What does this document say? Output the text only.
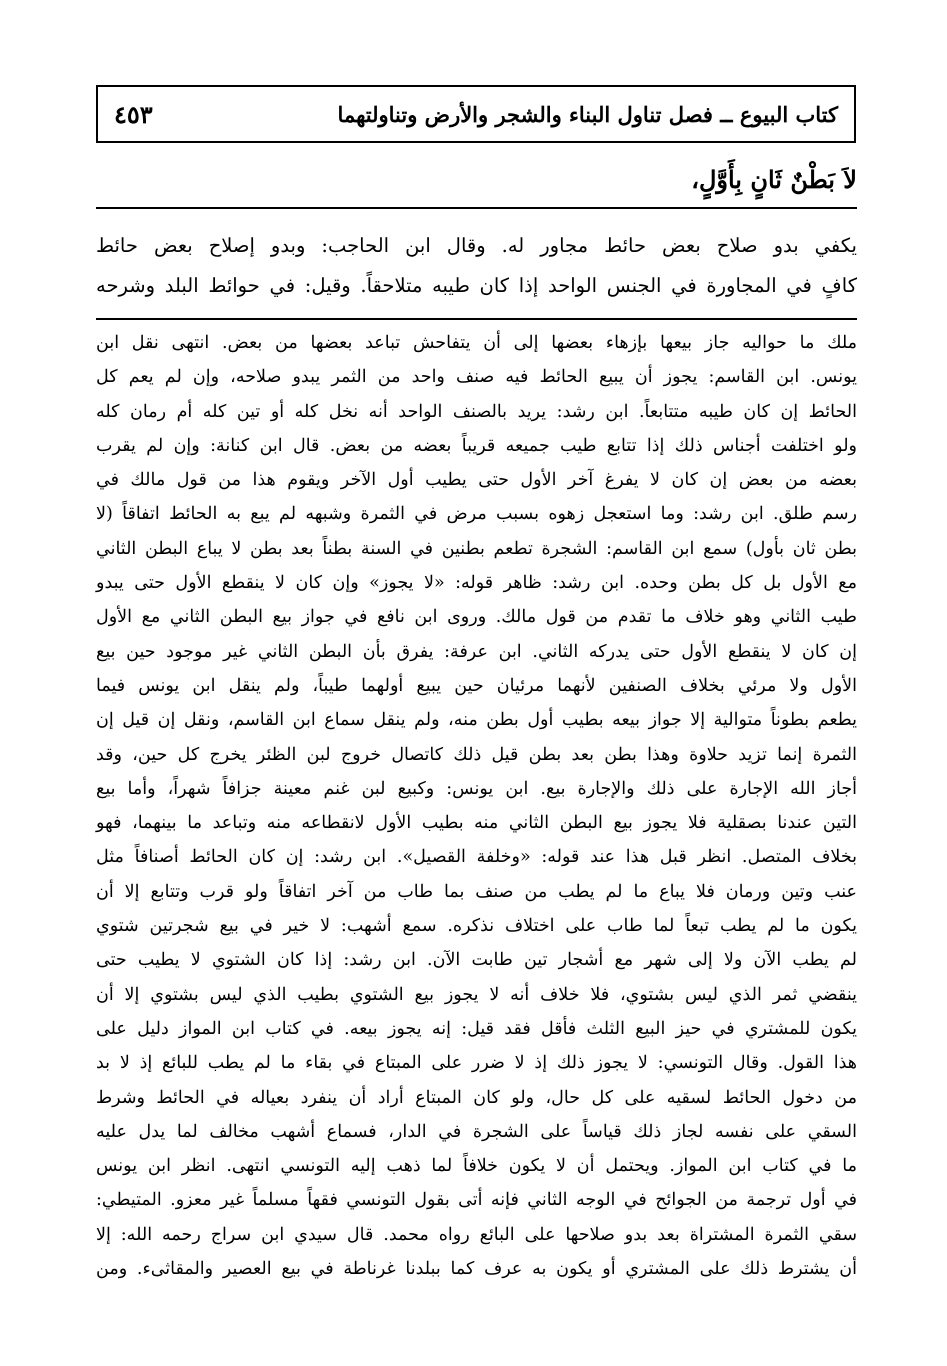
كتاب البيوع ــ فصل تناول البناء والشجر والأرض وتناولتهما
٤٥٣
لاَ بَطْنٌ ثَانٍ بِأَوَّلٍ،
يكفي بدو صلاح بعض حائط مجاور له. وقال ابن الحاجب: وبدو إصلاح بعض حائط
كافٍ في المجاورة في الجنس الواحد إذا كان طيبه متلاحقاً. وقيل: في حوائط البلد وشرحه
ملك ما حواليه جاز بيعها بإزهاء بعضها إلى أن يتفاحش تباعد بعضها من بعض. انتهى نقل ابن
يونس. ابن القاسم: يجوز أن يبيع الحائط فيه صنف واحد من الثمر يبدو صلاحه، وإن لم يعم كل
الحائط إن كان طيبه متتابعاً. ابن رشد: يريد بالصنف الواحد أنه نخل كله أو تين كله أم رمان كله
ولو اختلفت أجناس ذلك إذا تتابع طيب جميعه قريباً بعضه من بعض. قال ابن كنانة: وإن لم يقرب
بعضه من بعض إن كان لا يفرغ آخر الأول حتى يطيب أول الآخر ويقوم هذا من قول مالك في
رسم طلق. ابن رشد: وما استعجل زهوه بسبب مرض في الثمرة وشبهه لم يبع به الحائط اتفاقاً (لا
بطن ثان بأول) سمع ابن القاسم: الشجرة تطعم بطنين في السنة بطناً بعد بطن لا يباع البطن الثاني
مع الأول بل كل بطن وحده. ابن رشد: ظاهر قوله: «لا يجوز» وإن كان لا ينقطع الأول حتى يبدو
طيب الثاني وهو خلاف ما تقدم من قول مالك. وروى ابن نافع في جواز بيع البطن الثاني مع الأول
إن كان لا ينقطع الأول حتى يدركه الثاني. ابن عرفة: يفرق بأن البطن الثاني غير موجود حين بيع
الأول ولا مرئي بخلاف الصنفين لأنهما مرئيان حين يبيع أولهما طيباً، ولم ينقل ابن يونس فيما
يطعم بطوناً متوالية إلا جواز بيعه بطيب أول بطن منه، ولم ينقل سماع ابن القاسم، ونقل إن قيل إن
الثمرة إنما تزيد حلاوة وهذا بطن بعد بطن قيل ذلك كاتصال خروج لبن الظئر يخرج كل حين، وقد
أجاز الله الإجارة على ذلك والإجارة بيع. ابن يونس: وكبيع لبن غنم معينة جزافاً شهراً، وأما بيع
التين عندنا بصقلية فلا يجوز بيع البطن الثاني منه بطيب الأول لانقطاعه منه وتباعد ما بينهما، فهو
بخلاف المتصل. انظر قبل هذا عند قوله: «وخلفة القصيل». ابن رشد: إن كان الحائط أصنافاً مثل
عنب وتين ورمان فلا يباع ما لم يطب من صنف بما طاب من آخر اتفاقاً ولو قرب وتتابع إلا أن
يكون ما لم يطب تبعاً لما طاب على اختلاف نذكره. سمع أشهب: لا خير في بيع شجرتين شتوي
لم يطب الآن ولا إلى شهر مع أشجار تين طابت الآن. ابن رشد: إذا كان الشتوي لا يطيب حتى
ينقضي ثمر الذي ليس بشتوي، فلا خلاف أنه لا يجوز بيع الشتوي بطيب الذي ليس بشتوي إلا أن
يكون للمشتري في حيز البيع الثلث فأقل فقد قيل: إنه يجوز بيعه. في كتاب ابن المواز دليل على
هذا القول. وقال التونسي: لا يجوز ذلك إذ لا ضرر على المبتاع في بقاء ما لم يطب للبائع إذ لا بد
من دخول الحائط لسقيه على كل حال، ولو كان المبتاع أراد أن ينفرد بعياله في الحائط وشرط
السقي على نفسه لجاز ذلك قياساً على الشجرة في الدار، فسماع أشهب مخالف لما يدل عليه
ما في كتاب ابن المواز. ويحتمل أن لا يكون خلافاً لما ذهب إليه التونسي انتهى. انظر ابن يونس
في أول ترجمة من الجوائح في الوجه الثاني فإنه أتى بقول التونسي فقهاً مسلماً غير معزو. المتيطي:
سقي الثمرة المشتراة بعد بدو صلاحها على البائع رواه محمد. قال سيدي ابن سراج رحمه الله: إلا
أن يشترط ذلك على المشتري أو يكون به عرف كما ببلدنا غرناطة في بيع العصير والمقاثىء. ومن
